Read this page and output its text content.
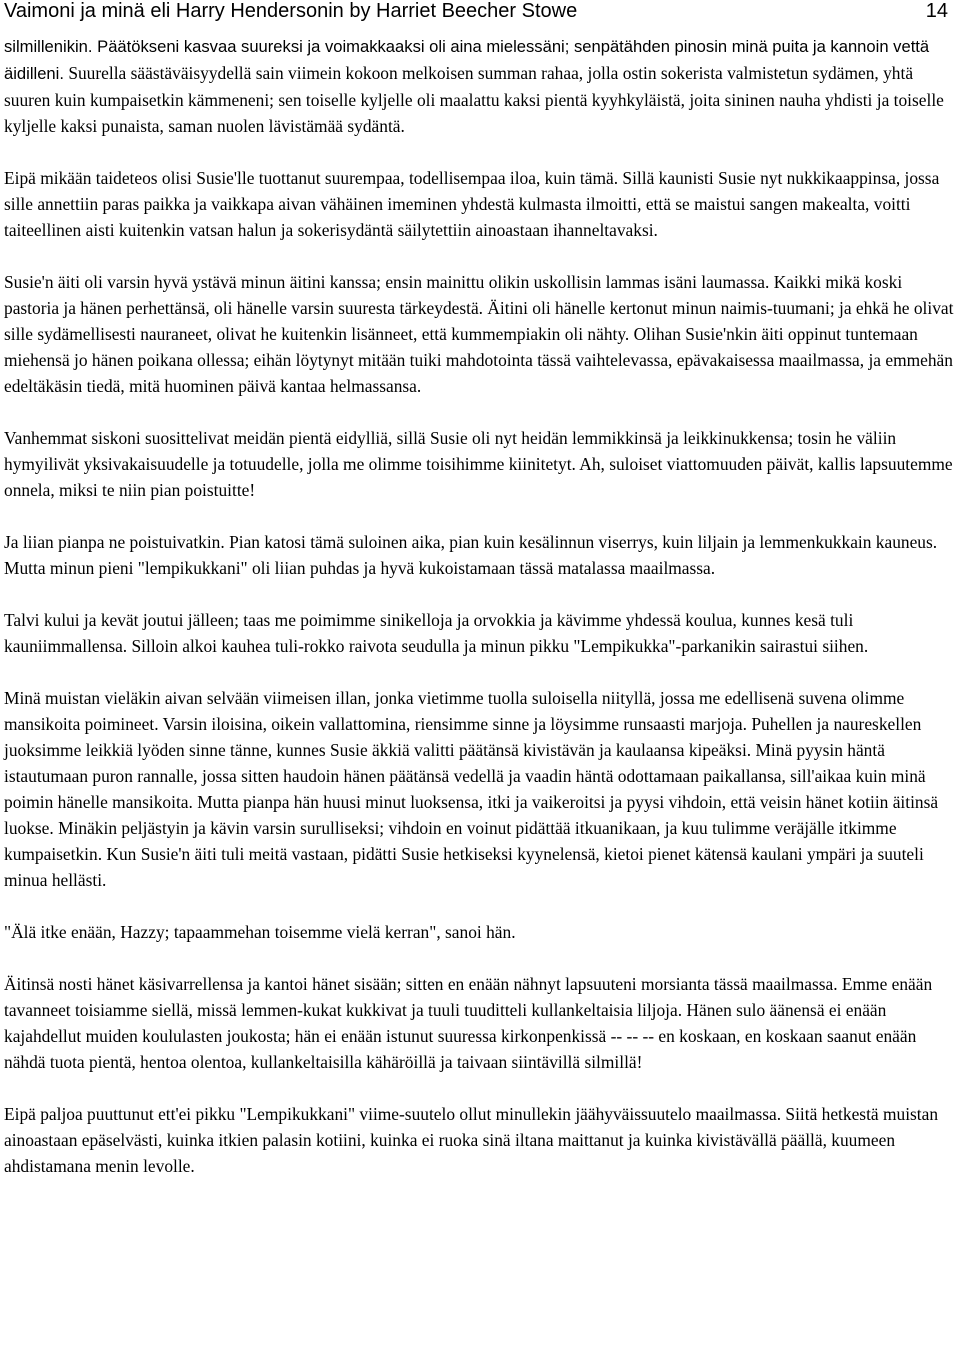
Vaimoni ja minä eli Harry Hendersonin by Harriet Beecher Stowe	14

silmillenikin. Päätökseni kasvaa suureksi ja voimakkaaksi oli aina mielessäni; senpätähden pinosin minä puita ja kannoin vettä äidilleni. Suurella säästäväisyydellä sain viimein kokoon melkoisen summan rahaa, jolla ostin sokerista valmistetun sydämen, yhtä suuren kuin kumpaisetkin kämmeneni; sen toiselle kyljelle oli maalattu kaksi pientä kyyhkyläistä, joita sininen nauha yhdisti ja toiselle kyljelle kaksi punaista, saman nuolen lävistämää sydäntä.

Eipä mikään taideteos olisi Susie'lle tuottanut suurempaa, todellisempaa iloa, kuin tämä. Sillä kaunisti Susie nyt nukkikaappinsa, jossa sille annettiin paras paikka ja vaikkapa aivan vähäinen imeminen yhdestä kulmasta ilmoitti, että se maistui sangen makealta, voitti taiteellinen aisti kuitenkin vatsan halun ja sokerisydäntä säilytettiin ainoastaan ihanneltavaksi.

Susie'n äiti oli varsin hyvä ystävä minun äitini kanssa; ensin mainittu olikin uskollisin lammas isäni laumassa. Kaikki mikä koski pastoria ja hänen perhettänsä, oli hänelle varsin suuresta tärkeydestä. Äitini oli hänelle kertonut minun naimis-tuumani; ja ehkä he olivat sille sydämellisesti nauraneet, olivat he kuitenkin lisänneet, että kummempiakin oli nähty. Olihan Susie'nkin äiti oppinut tuntemaan miehensä jo hänen poikana ollessa; eihän löytynyt mitään tuiki mahdotointa tässä vaihtelevassa, epävakaisessa maailmassa, ja emmehän edeltäkäsin tiedä, mitä huominen päivä kantaa helmassansa.

Vanhemmat siskoni suosittelivat meidän pientä eidylliä, sillä Susie oli nyt heidän lemmikkinsä ja leikkinukkensa; tosin he väliin hymyilivät yksivakaisuudelle ja totuudelle, jolla me olimme toisihimme kiinitetyt. Ah, suloiset viattomuuden päivät, kallis lapsuutemme onnela, miksi te niin pian poistuitte!

Ja liian pianpa ne poistuivatkin. Pian katosi tämä suloinen aika, pian kuin kesälinnun viserrys, kuin liljain ja lemmenkukkain kauneus. Mutta minun pieni "lempikukkani" oli liian puhdas ja hyvä kukoistamaan tässä matalassa maailmassa.

Talvi kului ja kevät joutui jälleen; taas me poimimme sinikelloja ja orvokkia ja kävimme yhdessä koulua, kunnes kesä tuli kauniimmallensa. Silloin alkoi kauhea tuli-rokko raivota seudulla ja minun pikku "Lempikukka"-parkanikin sairastui siihen.

Minä muistan vieläkin aivan selvään viimeisen illan, jonka vietimme tuolla suloisella niityllä, jossa me edellisenä suvena olimme mansikoita poimineet. Varsin iloisina, oikein vallattomina, riensimme sinne ja löysimme runsaasti marjoja. Puhellen ja naureskellen juoksimme leikkiä lyöden sinne tänne, kunnes Susie äkkiä valitti päätänsä kivistävän ja kaulaansa kipeäksi. Minä pyysin häntä istautumaan puron rannalle, jossa sitten haudoin hänen päätänsä vedellä ja vaadin häntä odottamaan paikallansa, sill'aikaa kuin minä poimin hänelle mansikoita. Mutta pianpa hän huusi minut luoksensa, itki ja vaikeroitsi ja pyysi vihdoin, että veisin hänet kotiin äitinsä luokse. Minäkin peljästyin ja kävin varsin surulliseksi; vihdoin en voinut pidättää itkuanikaan, ja kuu tulimme veräjälle itkimme kumpaisetkin. Kun Susie'n äiti tuli meitä vastaan, pidätti Susie hetkiseksi kyynelensä, kietoi pienet kätensä kaulani ympäri ja suuteli minua hellästi.

"Älä itke enään, Hazzy; tapaammehan toisemme vielä kerran", sanoi hän.

Äitinsä nosti hänet käsivarrellensa ja kantoi hänet sisään; sitten en enään nähnyt lapsuuteni morsianta tässä maailmassa. Emme enään tavanneet toisiamme siellä, missä lemmen-kukat kukkivat ja tuuli tuuditteli kullankeltaisia liljoja. Hänen sulo äänensä ei enään kajahdellut muiden koululasten joukosta; hän ei enään istunut suuressa kirkonpenkissä -- -- -- en koskaan, en koskaan saanut enään nähdä tuota pientä, hentoa olentoa, kullankeltaisilla kähäröillä ja taivaan siintävillä silmillä!

Eipä paljoa puuttunut ett'ei pikku "Lempikukkani" viime-suutelo ollut minullekin jäähyväissuutelo maailmassa. Siitä hetkestä muistan ainoastaan epäselvästi, kuinka itkien palasin kotiini, kuinka ei ruoka sinä iltana maittanut ja kuinka kivistävällä päällä, kuumeen ahdistamana menin levolle.
